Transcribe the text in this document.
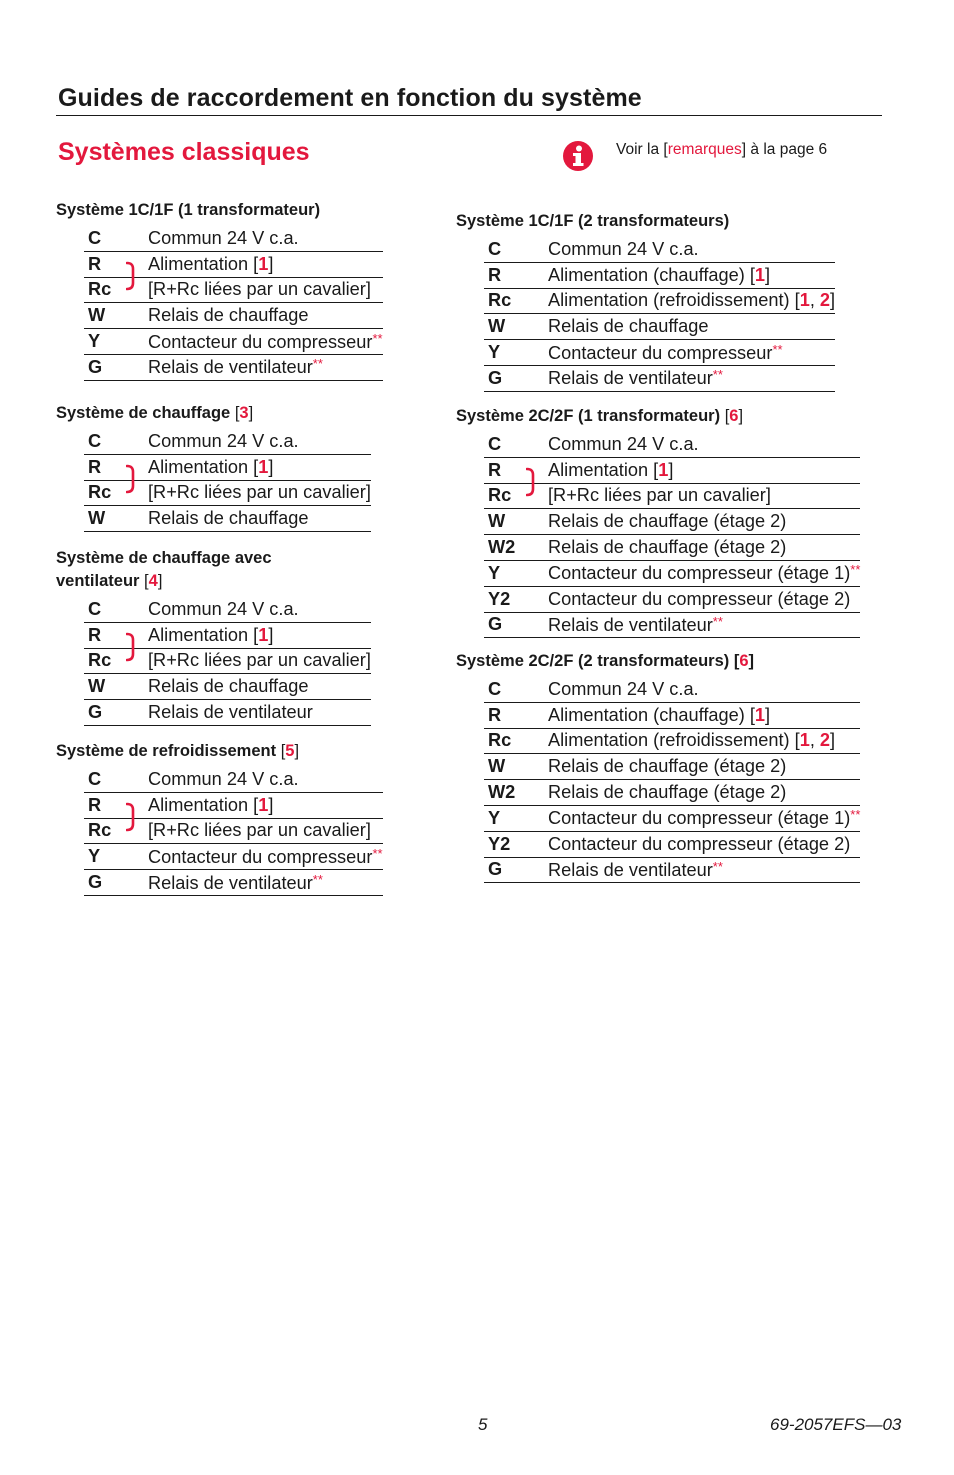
Guides de raccordement en fonction du système
Systèmes classiques	Voir la [remarques] à la page 6

Système 1C/1F (1 transformateur)

C	Commun 24 V c.a.
R	Alimentation [1]
Rc	[R+Rc liées par un cavalier]
W	Relais de chauffage
Y	Contacteur du compresseur**
G	Relais de ventilateur**

Système de chauffage [3]

C	Commun 24 V c.a.
R	Alimentation [1]
Rc	[R+Rc liées par un cavalier]
W	Relais de chauffage

Système de chauffage avec
ventilateur [4]

C	Commun 24 V c.a.
R	Alimentation [1]
Rc	[R+Rc liées par un cavalier]
W	Relais de chauffage
G	Relais de ventilateur

Système de refroidissement [5]

C	Commun 24 V c.a.
R	Alimentation [1]
Rc	[R+Rc liées par un cavalier]
Y	Contacteur du compresseur**
G	Relais de ventilateur**

Système 1C/1F (2 transformateurs)

C	Commun 24 V c.a.
R	Alimentation (chauffage) [1]
Rc	Alimentation (refroidissement) [1, 2]
W	Relais de chauffage
Y	Contacteur du compresseur**
G	Relais de ventilateur**

Système 2C/2F (1 transformateur) [6]

C	Commun 24 V c.a.
R	Alimentation [1]
Rc	[R+Rc liées par un cavalier]
W	Relais de chauffage (étage 2)
W2	Relais de chauffage (étage 2)
Y	Contacteur du compresseur (étage 1)**
Y2	Contacteur du compresseur (étage 2)
G	Relais de ventilateur**

Système 2C/2F (2 transformateurs) [6]

C	Commun 24 V c.a.
R	Alimentation (chauffage) [1]
Rc	Alimentation (refroidissement) [1, 2]
W	Relais de chauffage (étage 2)
W2	Relais de chauffage (étage 2)
Y	Contacteur du compresseur (étage 1)**
Y2	Contacteur du compresseur (étage 2)
G	Relais de ventilateur**
5	69-2057EFS—03
